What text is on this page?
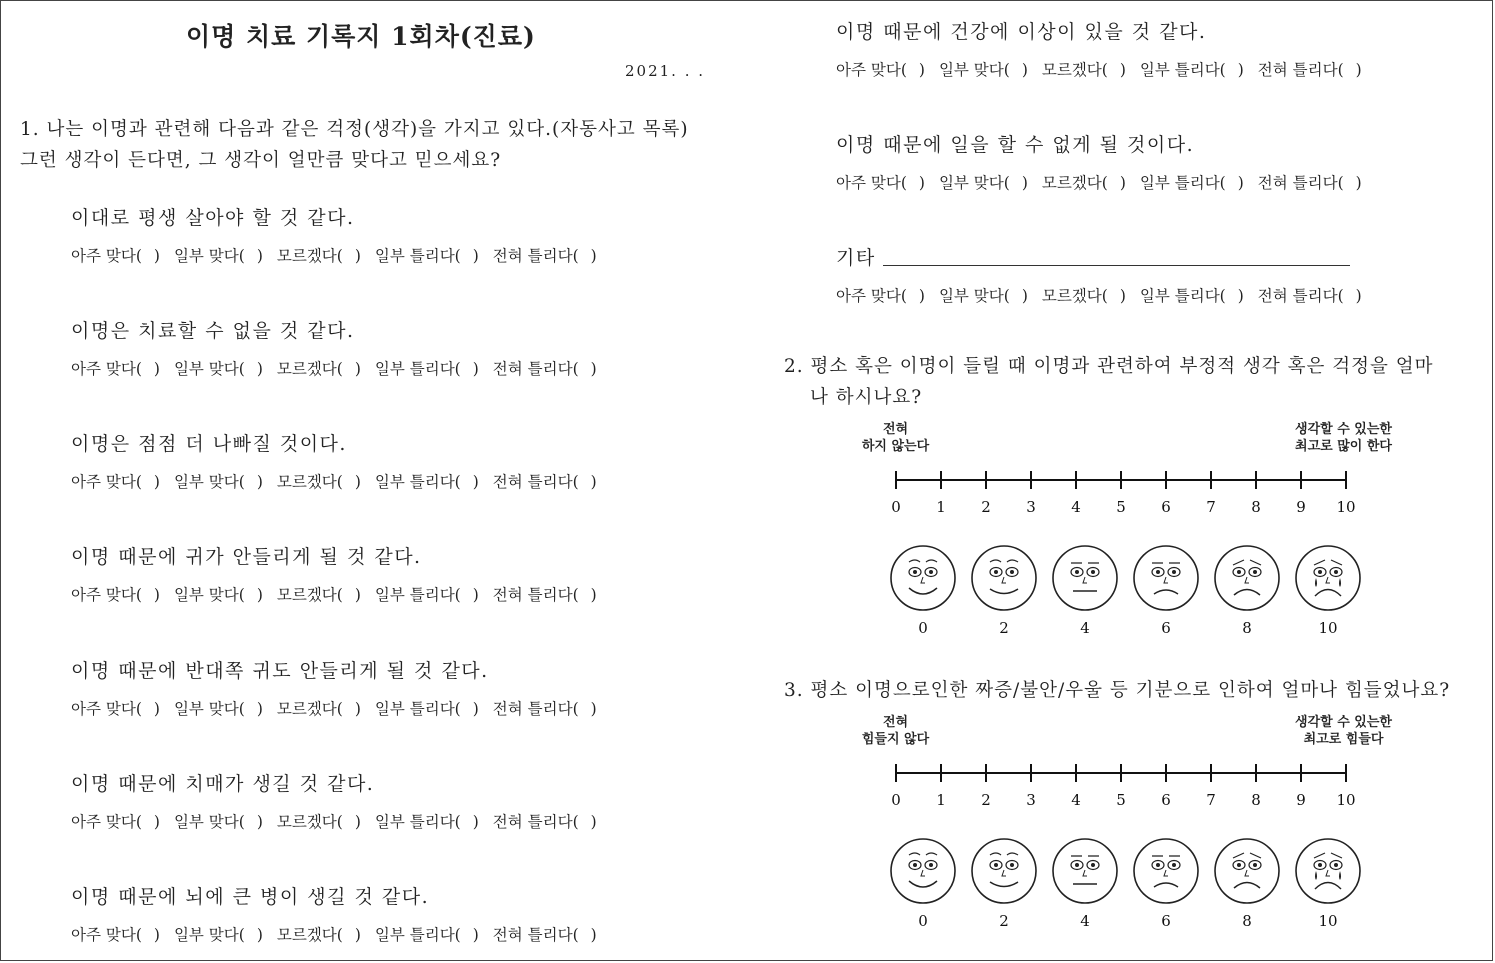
이명 치료 기록지 1회차(진료)
2021. . .
1. 나는 이명과 관련해 다음과 같은 걱정(생각)을 가지고 있다.(자동사고 목록)
그런 생각이 든다면, 그 생각이 얼만큼 맞다고 믿으세요?
이대로 평생 살아야 할 것 같다.
아주 맞다( ) 일부 맞다( ) 모르겠다( ) 일부 틀리다( ) 전혀 틀리다( )
이명은 치료할 수 없을 것 같다.
아주 맞다( ) 일부 맞다( ) 모르겠다( ) 일부 틀리다( ) 전혀 틀리다( )
이명은 점점 더 나빠질 것이다.
아주 맞다( ) 일부 맞다( ) 모르겠다( ) 일부 틀리다( ) 전혀 틀리다( )
이명 때문에 귀가 안들리게 될 것 같다.
아주 맞다( ) 일부 맞다( ) 모르겠다( ) 일부 틀리다( ) 전혀 틀리다( )
이명 때문에 반대쪽 귀도 안들리게 될 것 같다.
아주 맞다( ) 일부 맞다( ) 모르겠다( ) 일부 틀리다( ) 전혀 틀리다( )
이명 때문에 치매가 생길 것 같다.
아주 맞다( ) 일부 맞다( ) 모르겠다( ) 일부 틀리다( ) 전혀 틀리다( )
이명 때문에 뇌에 큰 병이 생길 것 같다.
아주 맞다( ) 일부 맞다( ) 모르겠다( ) 일부 틀리다( ) 전혀 틀리다( )
이명 때문에 건강에 이상이 있을 것 같다.
아주 맞다( ) 일부 맞다( ) 모르겠다( ) 일부 틀리다( ) 전혀 틀리다( )
이명 때문에 일을 할 수 없게 될 것이다.
아주 맞다( ) 일부 맞다( ) 모르겠다( ) 일부 틀리다( ) 전혀 틀리다( )
기타
아주 맞다( ) 일부 맞다( ) 모르겠다( ) 일부 틀리다( ) 전혀 틀리다( )
2. 평소 혹은 이명이 들릴 때 이명과 관련하여 부정적 생각 혹은 걱정을 얼마
나 하시나요?
전혀
하지 않는다
생각할 수 있는한
최고로 많이 한다
0 1 2 3 4 5 6 7 8 9 10
0	2	4	6	8	10
3. 평소 이명으로인한 짜증/불안/우울 등 기분으로 인하여 얼마나 힘들었나요?
전혀
힘들지 않다
생각할 수 있는한
최고로 힘들다
0 1 2 3 4 5 6 7 8 9 10
0	2	4	6	8	10
